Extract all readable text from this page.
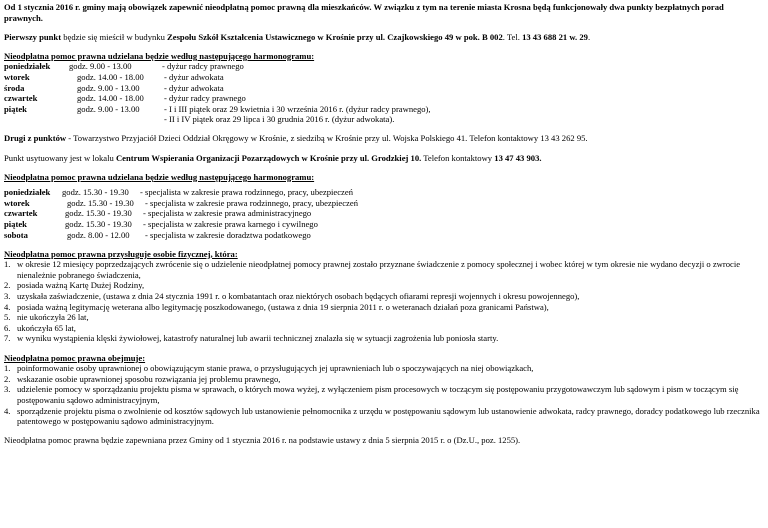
Od 1 stycznia 2016 r. gminy mają obowiązek zapewnić nieodpłatną pomoc prawną dla mieszkańców. W związku z tym na terenie miasta Krosna będą funkcjonowały dwa punkty bezpłatnych porad prawnych.

Pierwszy punkt będzie się mieścił w budynku Zespołu Szkół Kształcenia Ustawicznego w Krośnie przy ul. Czajkowskiego 49 w pok. B 002. Tel. 13 43 688 21 w. 29.

Nieodpłatna pomoc prawna udzielana będzie według następującego harmonogramu:

poniedziałek godz. 9.00 - 13.00	- dyżur radcy prawnego
wtorek	godz. 14.00 - 18.00 - dyżur adwokata
środa	godz. 9.00 - 13.00	- dyżur adwokata
czwartek	godz. 14.00 - 18.00 - dyżur radcy prawnego
piątek	godz. 9.00 - 13.00	- I i III piątek oraz 29 kwietnia i 30 września 2016 r. (dyżur radcy prawnego),
- II i IV piątek oraz 29 lipca i 30 grudnia 2016 r. (dyżur adwokata).

Drugi z punktów - Towarzystwo Przyjaciół Dzieci Oddział Okręgowy w Krośnie, z siedzibą w Krośnie przy ul. Wojska Polskiego 41. Telefon kontaktowy 13 43 262 95.

Punkt usytuowany jest w lokalu Centrum Wspierania Organizacji Pozarządowych w Krośnie przy ul. Grodzkiej 10. Telefon kontaktowy 13 47 43 903.

Nieodpłatna pomoc prawna udzielana będzie według następującego harmonogramu:

poniedziałek godz. 15.30 - 19.30 - specjalista w zakresie prawa rodzinnego, pracy, ubezpieczeń
wtorek	godz. 15.30 - 19.30 - specjalista w zakresie prawa rodzinnego, pracy, ubezpieczeń
czwartek	godz. 15.30 - 19.30 - specjalista w zakresie prawa administracyjnego
piątek	godz. 15.30 - 19.30 - specjalista w zakresie prawa karnego i cywilnego
sobota	godz. 8.00 - 12.00 - specjalista w zakresie doradztwa podatkowego

Nieodpłatna pomoc prawna przysługuje osobie fizycznej, która:

1. w okresie 12 miesięcy poprzedzających zwrócenie się o udzielenie nieodpłatnej pomocy prawnej zostało przyznane świadczenie z pomocy społecznej i wobec której w tym okresie nie wydano decyzji o zwrocie nienależnie pobranego świadczenia,
2. posiada ważną Kartę Dużej Rodziny,
3. uzyskała zaświadczenie, (ustawa z dnia 24 stycznia 1991 r. o kombatantach oraz niektórych osobach będących ofiarami represji wojennych i okresu powojennego),
4. posiada ważną legitymację weterana albo legitymację poszkodowanego, (ustawa z dnia 19 sierpnia 2011 r. o weteranach działań poza granicami Państwa),
5. nie ukończyła 26 lat,
6. ukończyła 65 lat,
7. w wyniku wystąpienia klęski żywiołowej, katastrofy naturalnej lub awarii technicznej znalazła się w sytuacji zagrożenia lub poniosła starty.

Nieodpłatna pomoc prawna obejmuje:

1. poinformowanie osoby uprawnionej o obowiązującym stanie prawa, o przysługujących jej uprawnieniach lub o spoczywających na niej obowiązkach,
2. wskazanie osobie uprawnionej sposobu rozwiązania jej problemu prawnego,
3. udzielenie pomocy w sporządzaniu projektu pisma w sprawach, o których mowa wyżej, z wyłączeniem pism procesowych w toczącym się postępowaniu przygotowawczym lub sądowym i pism w toczącym się postępowaniu sądowo administracyjnym,
4. sporządzenie projektu pisma o zwolnienie od kosztów sądowych lub ustanowienie pełnomocnika z urzędu w postępowaniu sądowym lub ustanowienie adwokata, radcy prawnego, doradcy podatkowego lub rzecznika patentowego w postępowaniu sądowo administracyjnym.

Nieodpłatna pomoc prawna będzie zapewniana przez Gminy od 1 stycznia 2016 r. na podstawie ustawy z dnia 5 sierpnia 2015 r. o (Dz.U., poz. 1255).
